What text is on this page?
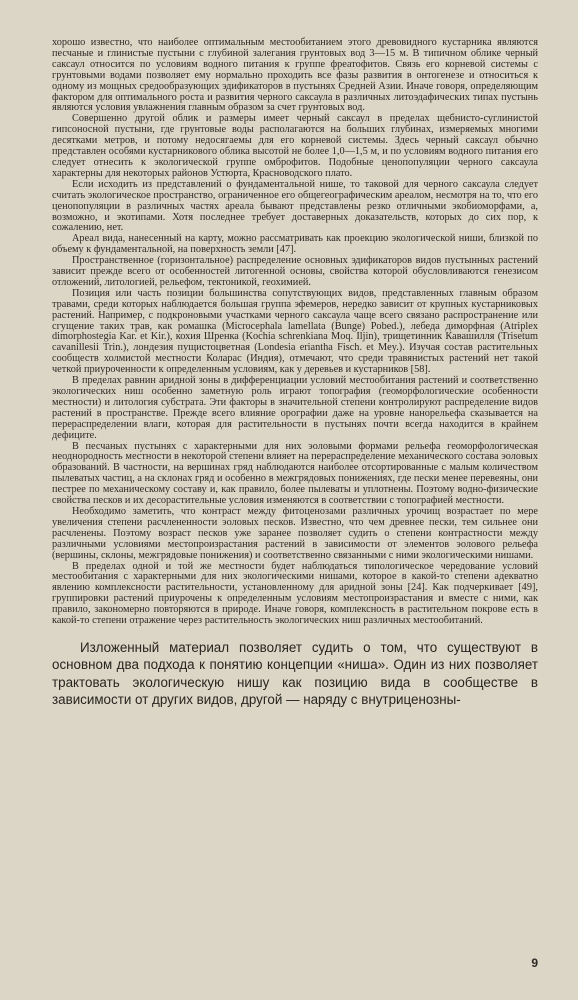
хорошо известно, что наиболее оптимальным местообитанием этого древовидного кустарника являются песчаные и глинистые пустыни с глубиной залегания грунтовых вод 3—15 м. В типичном облике черный саксаул относится по условиям водного питания к группе фреатофитов. Связь его корневой системы с грунтовыми водами позволяет ему нормально проходить все фазы развития в онтогенезе и относиться к одному из мощных средообразующих эдификаторов в пустынях Средней Азии. Иначе говоря, определяющим фактором для оптимального роста и развития черного саксаула в различных литоэдафических типах пустынь являются условия увлажнения главным образом за счет грунтовых вод.

Совершенно другой облик и размеры имеет черный саксаул в пределах щебнисто-суглинистой гипсоносной пустыни, где грунтовые воды располагаются на больших глубинах, измеряемых многими десятками метров, и потому недосягаемы для его корневой системы. Здесь черный саксаул обычно представлен особями кустарникового облика высотой не более 1,0—1,5 м, и по условиям водного питания его следует отнесить к экологической группе омброфитов. Подобные ценопопуляции черного саксаула характерны для некоторых районов Устюрта, Красноводского плато.

Если исходить из представлений о фундаментальной нише, то таковой для черного саксаула следует считать экологическое пространство, ограниченное его общегеографическим ареалом, несмотря на то, что его ценопопуляции в различных частях ареала бывают представлены резко отличными экобиоморфами, а, возможно, и экотипами. Хотя последнее требует доставерных доказательств, которых до сих пор, к сожалению, нет.

Ареал вида, нанесенный на карту, можно рассматривать как проекцию экологической ниши, близкой по объему к фундаментальной, на поверхность земли [47].

Пространственное (горизонтальное) распределение основных эдификаторов видов пустынных растений зависит прежде всего от особенностей литогенной основы, свойства которой обусловливаются генезисом отложений, литологией, рельефом, тектоникой, геохимией.

Позиция или часть позиции большинства сопутствующих видов, представленных главным образом травами, среди которых наблюдается большая группа эфемеров, нередко зависит от крупных кустарниковых растений. Например, с подкроновыми участками черного саксаула чаще всего связано распространение или сгущение таких трав, как ромашка (Microcephala lamellata (Bunge) Pobed.), лебеда диморфная (Atriplex dimorphostegia Kar. et Kir.), кохия Шренка (Kochia schrenkiana Moq. Iljin), трищетинник Кавашилля (Trisetum cavanillesii Trin.), лондезия пущистоцветная (Londesia eriantha Fisch. et Mey.). Изучая состав растительных сообществ холмистой местности Коларас (Индия), отмечают, что среди травянистых растений нет такой четкой приуроченности к определенным условиям, как у деревьев и кустарников [58].

В пределах равнин аридной зоны в дифференциации условий местообитания растений и соответственно экологических ниш особенно заметную роль играют топография (геоморфологические особенности местности) и литология субстрата. Эти факторы в значительной степени контролируют распределение видов растений в пространстве. Прежде всего влияние орографии даже на уровне нанорельефа сказывается на перераспределении влаги, которая для растительности в пустынях почти всегда находится в крайнем дефиците.

В песчаных пустынях с характерными для них эоловыми формами рельефа геоморфологическая неоднородность местности в некоторой степени влияет на перераспределение механического состава эоловых образований. В частности, на вершинах гряд наблюдаются наиболее отсортированные с малым количеством пылеватых частиц, а на склонах гряд и особенно в межгрядовых понижениях, где пески менее перевеяны, они пестрее по механическому составу и, как правило, более пылеваты и уплотнены. Поэтому водно-физические свойства песков и их десорастительные условия изменяются в соответствии с топографией местности.

Необходимо заметить, что контраст между фитоценозами различных урочищ возрастает по мере увеличения степени расчлененности эоловых песков. Известно, что чем древнее пески, тем сильнее они расчленены. Поэтому возраст песков уже заранее позволяет судить о степени контрастности между различными условиями местопроизрастания растений в зависимости от элементов эолового рельефа (вершины, склоны, межгрядовые понижения) и соответственно связанными с ними экологическими нишами.

В пределах одной и той же местности будет наблюдаться типологическое чередование условий местообитания с характерными для них экологическими нишами, которое в какой-то степени адекватно явлению комплексности растительности, установленному для аридной зоны [24]. Как подчеркивает [49], группировки растений приурочены к определенным условиям местопроизрастания и вместе с ними, как правило, закономерно повторяются в природе. Иначе говоря, комплексность в растительном покрове есть в какой-то степени отражение через растительность экологических ниш различных местообитаний.

Изложенный материал позволяет судить о том, что существуют в основном два подхода к понятию концепции «ниша». Один из них позволяет трактовать экологическую нишу как позицию вида в сообществе в зависимости от других видов, другой — наряду с внутриценозны-

9
